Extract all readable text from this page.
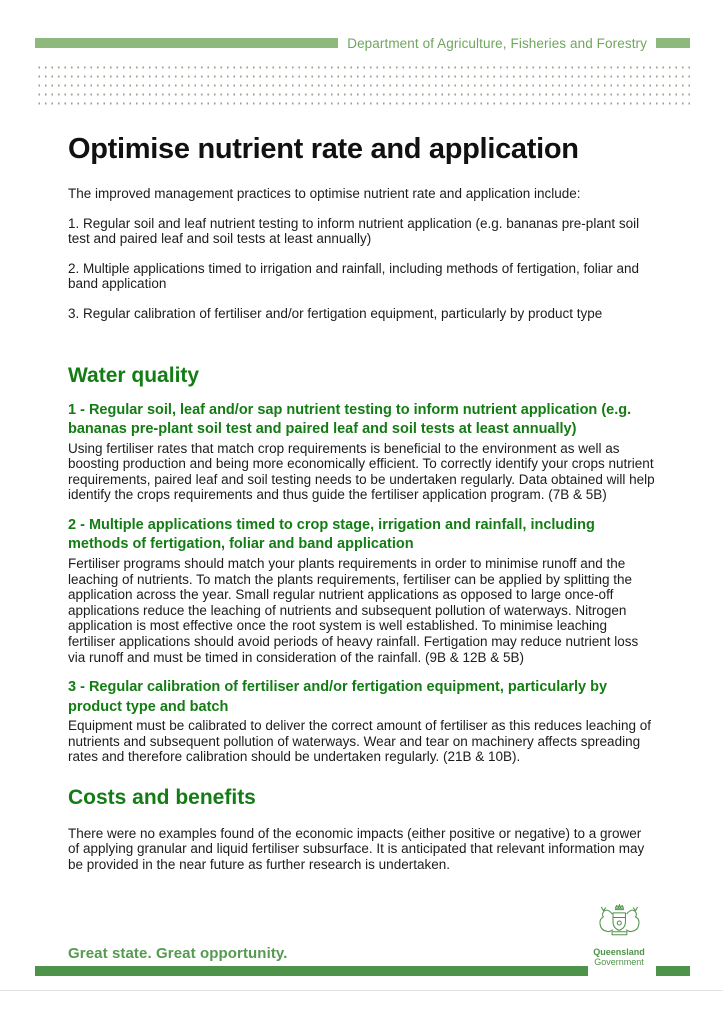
Department of Agriculture, Fisheries and Forestry
Optimise nutrient rate and application

The improved management practices to optimise nutrient rate and application include:

1. Regular soil and leaf nutrient testing to inform nutrient application (e.g. bananas pre-plant soil test and paired leaf and soil tests at least annually)

2. Multiple applications timed to irrigation and rainfall, including methods of fertigation, foliar and band application

3. Regular calibration of fertiliser and/or fertigation equipment, particularly by product type

Water quality
1 - Regular soil, leaf and/or sap nutrient testing to inform nutrient application (e.g. bananas pre-plant soil test and paired leaf and soil tests at least annually)

Using fertiliser rates that match crop requirements is beneficial to the environment as well as boosting production and being more economically efficient. To correctly identify your crops nutrient requirements, paired leaf and soil testing needs to be undertaken regularly. Data obtained will help identify the crops requirements and thus guide the fertiliser application program. (7B & 5B)

2 - Multiple applications timed to crop stage, irrigation and rainfall, including methods of fertigation, foliar and band application

Fertiliser programs should match your plants requirements in order to minimise runoff and the leaching of nutrients. To match the plants requirements, fertiliser can be applied by splitting the application across the year. Small regular nutrient applications as opposed to large once-off applications reduce the leaching of nutrients and subsequent pollution of waterways. Nitrogen application is most effective once the root system is well established. To minimise leaching fertiliser applications should avoid periods of heavy rainfall. Fertigation may reduce nutrient loss via runoff and must be timed in consideration of the rainfall. (9B & 12B & 5B)

3 - Regular calibration of fertiliser and/or fertigation equipment, particularly by product type and batch

Equipment must be calibrated to deliver the correct amount of fertiliser as this reduces leaching of nutrients and subsequent pollution of waterways. Wear and tear on machinery affects spreading rates and therefore calibration should be undertaken regularly. (21B & 10B).

Costs and benefits

There were no examples found of the economic impacts (either positive or negative) to a grower of applying granular and liquid fertiliser subsurface. It is anticipated that relevant information may be provided in the near future as further research is undertaken.

Great state. Great opportunity.	Queensland
Government
